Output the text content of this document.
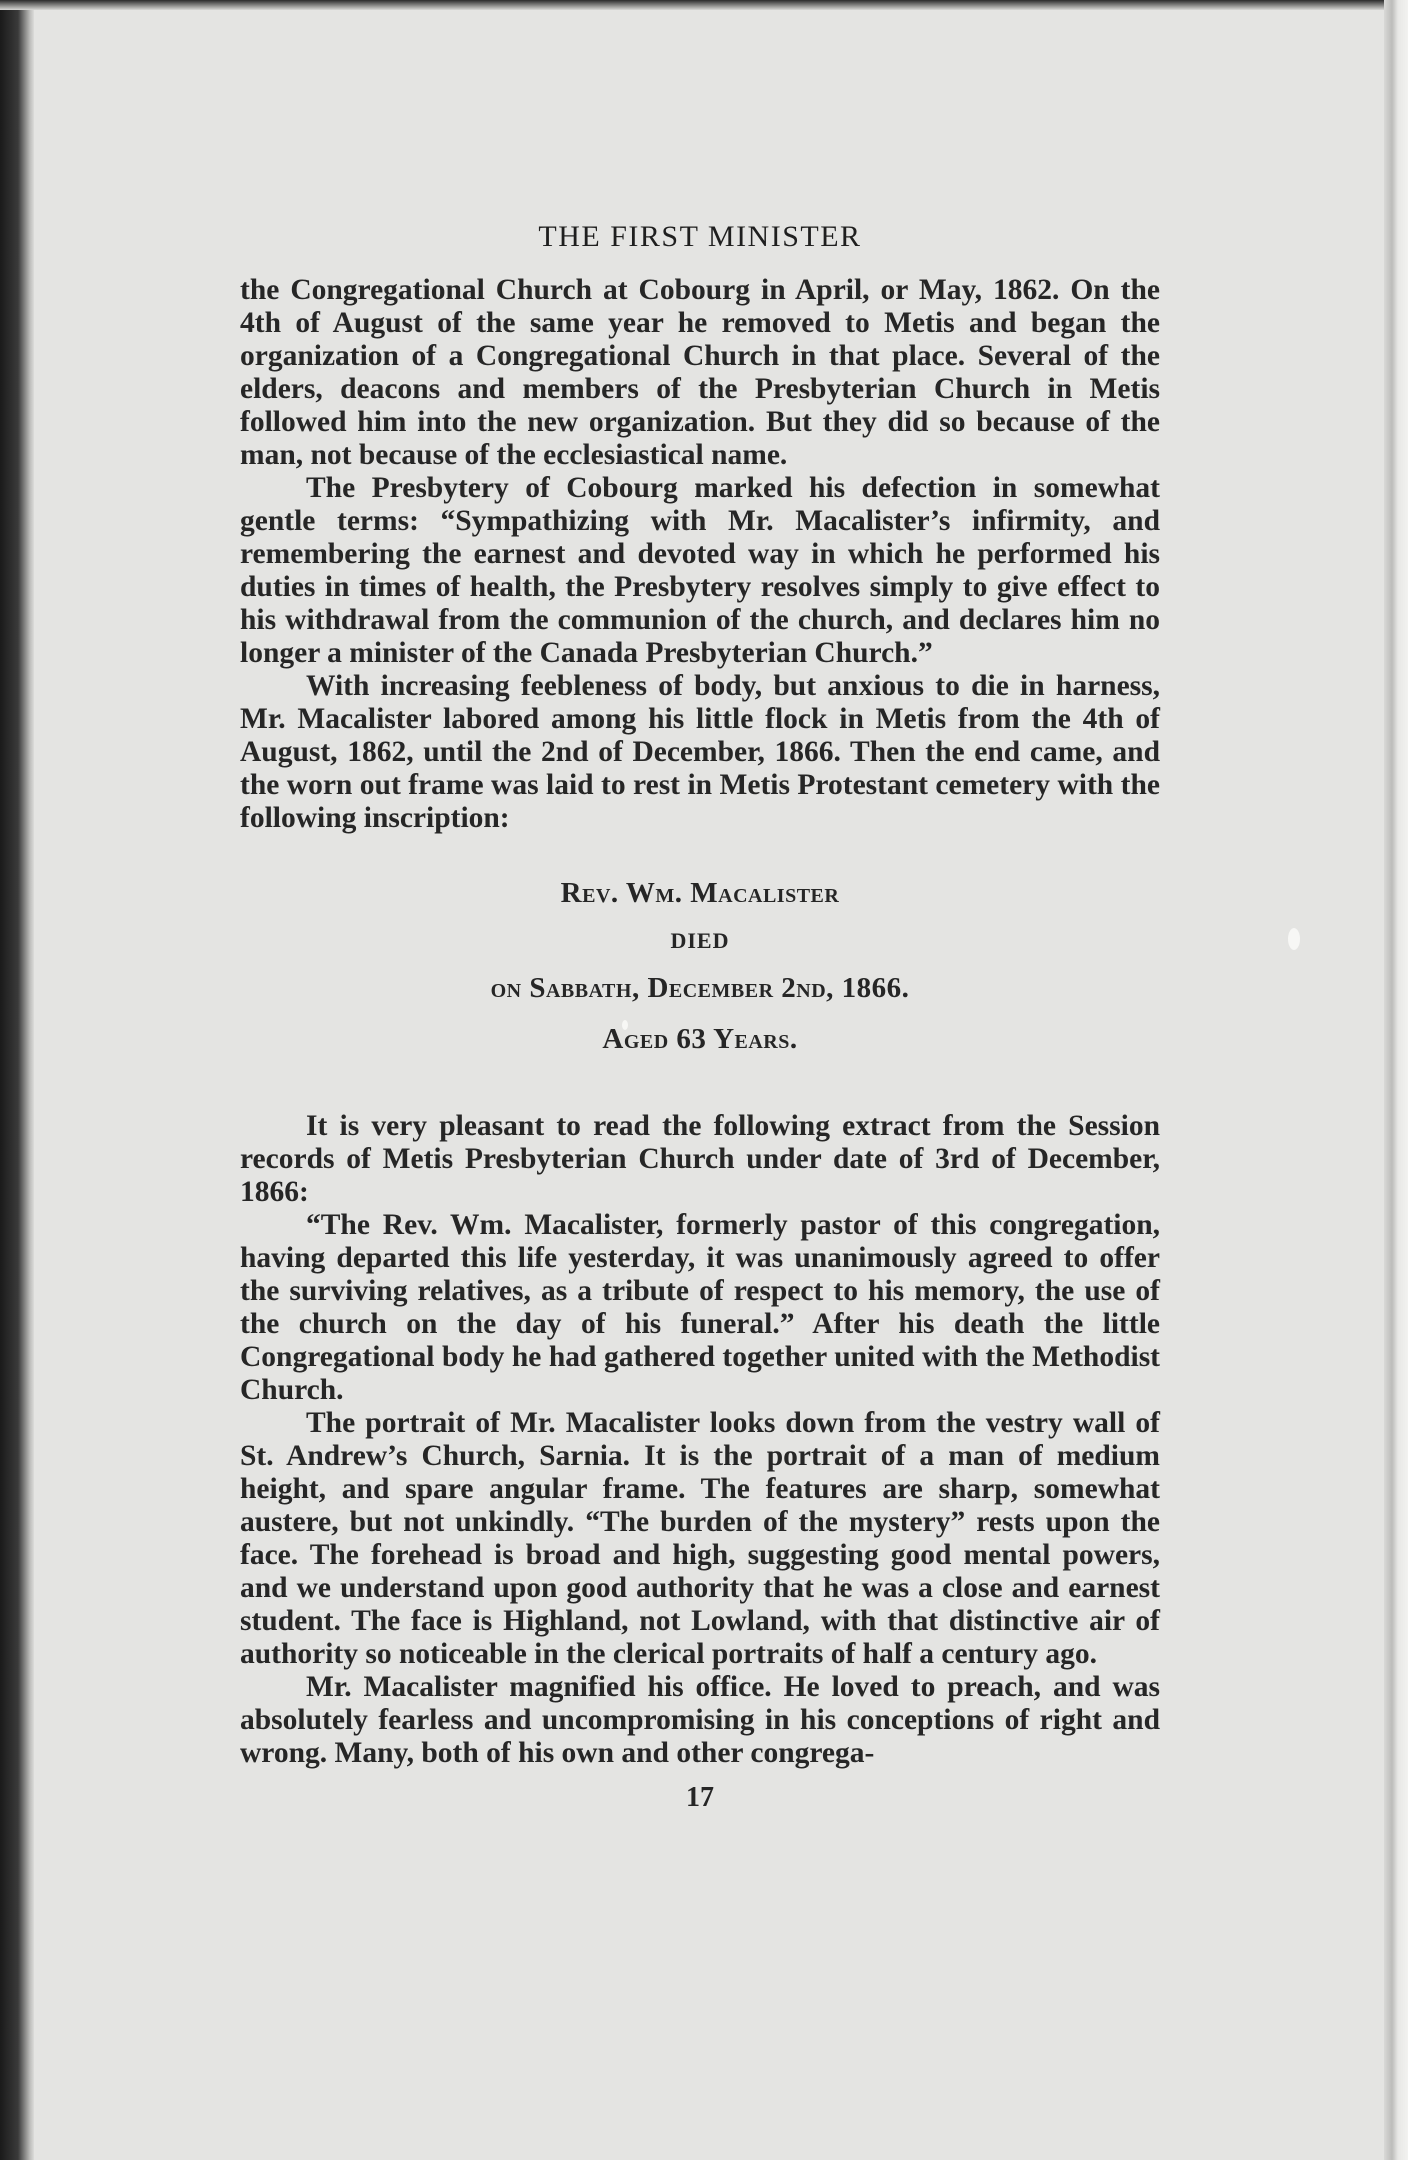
THE FIRST MINISTER

the Congregational Church at Cobourg in April, or May, 1862. On the 4th of August of the same year he removed to Metis and began the organization of a Congregational Church in that place. Several of the elders, deacons and members of the Presbyterian Church in Metis followed him into the new organization. But they did so because of the man, not because of the ecclesiastical name.

The Presbytery of Cobourg marked his defection in somewhat gentle terms: “Sympathizing with Mr. Macalister’s infirmity, and remembering the earnest and devoted way in which he performed his duties in times of health, the Presbytery resolves simply to give effect to his withdrawal from the communion of the church, and declares him no longer a minister of the Canada Presbyterian Church.”

With increasing feebleness of body, but anxious to die in harness, Mr. Macalister labored among his little flock in Metis from the 4th of August, 1862, until the 2nd of December, 1866. Then the end came, and the worn out frame was laid to rest in Metis Protestant cemetery with the following inscription:

Rev. Wm. Macalister
DIED
on Sabbath, December 2nd, 1866.
Aged 63 Years.

It is very pleasant to read the following extract from the Session records of Metis Presbyterian Church under date of 3rd of December, 1866:

“The Rev. Wm. Macalister, formerly pastor of this congregation, having departed this life yesterday, it was unanimously agreed to offer the surviving relatives, as a tribute of respect to his memory, the use of the church on the day of his funeral.” After his death the little Congregational body he had gathered together united with the Methodist Church.

The portrait of Mr. Macalister looks down from the vestry wall of St. Andrew’s Church, Sarnia. It is the portrait of a man of medium height, and spare angular frame. The features are sharp, somewhat austere, but not unkindly. “The burden of the mystery” rests upon the face. The forehead is broad and high, suggesting good mental powers, and we understand upon good authority that he was a close and earnest student. The face is Highland, not Lowland, with that distinctive air of authority so noticeable in the clerical portraits of half a century ago.

Mr. Macalister magnified his office. He loved to preach, and was absolutely fearless and uncompromising in his conceptions of right and wrong. Many, both of his own and other congrega-

17
